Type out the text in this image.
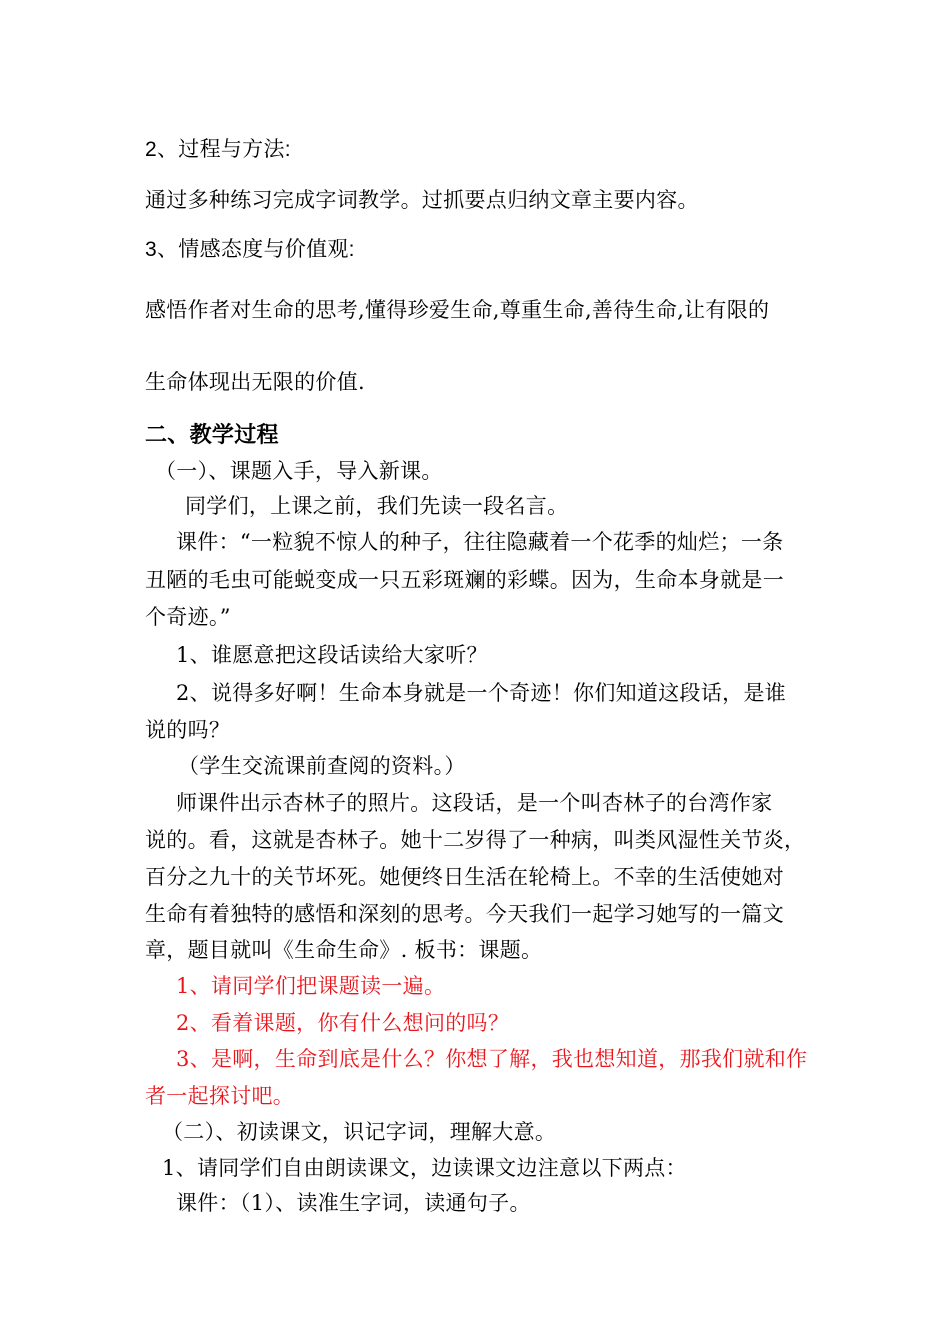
2、过程与方法:
通过多种练习完成字词教学。过抓要点归纳文章主要内容。
3、情感态度与价值观:
感悟作者对生命的思考,懂得珍爱生命,尊重生命,善待生命,让有限的
生命体现出无限的价值.
二、教学过程
（一）、课题入手，导入新课。
同学们，上课之前，我们先读一段名言。
课件：“一粒貌不惊人的种子，往往隐藏着一个花季的灿烂；一条
丑陋的毛虫可能蜕变成一只五彩斑斓的彩蝶。因为，生命本身就是一
个奇迹。”
1、谁愿意把这段话读给大家听？
2、说得多好啊！生命本身就是一个奇迹！你们知道这段话，是谁
说的吗？
（学生交流课前查阅的资料。）
师课件出示杏林子的照片。这段话，是一个叫杏林子的台湾作家
说的。看，这就是杏林子。她十二岁得了一种病，叫类风湿性关节炎，
百分之九十的关节坏死。她便终日生活在轮椅上。不幸的生活使她对
生命有着独特的感悟和深刻的思考。今天我们一起学习她写的一篇文
章，题目就叫《生命生命》. 板书：课题。
1、请同学们把课题读一遍。
2、看着课题，你有什么想问的吗？
3、是啊，生命到底是什么？你想了解，我也想知道，那我们就和作
者一起探讨吧。
（二）、初读课文，识记字词，理解大意。
1、请同学们自由朗读课文，边读课文边注意以下两点：
课件：（1）、读准生字词，读通句子。
